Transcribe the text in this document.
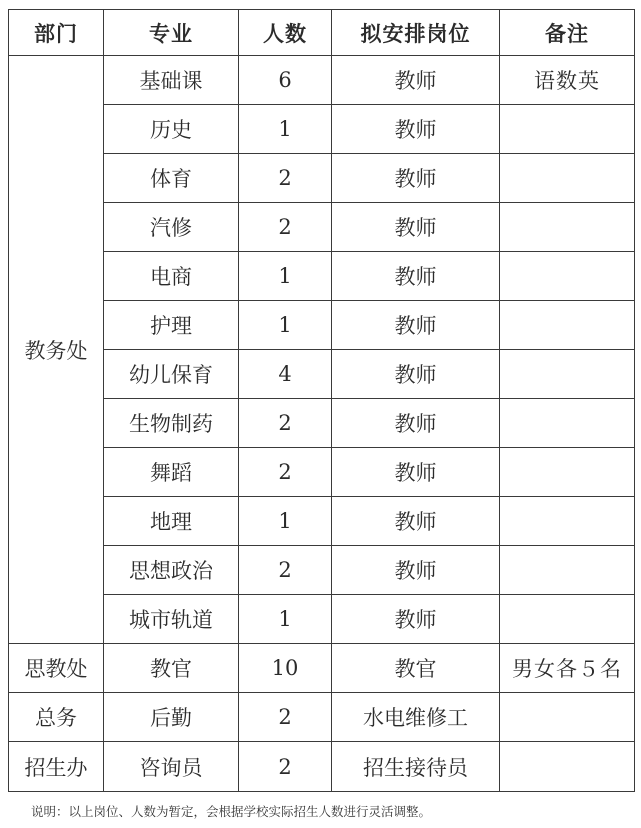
部门	专业	人数	拟安排岗位	备注
教务处	基础课	6	教师	语数英
	历史	1	教师	
	体育	2	教师	
	汽修	2	教师	
	电商	1	教师	
	护理	1	教师	
	幼儿保育	4	教师	
	生物制药	2	教师	
	舞蹈	2	教师	
	地理	1	教师	
	思想政治	2	教师	
	城市轨道	1	教师	
思教处	教官	10	教官	男女各５名
总务	后勤	2	水电维修工	
招生办	咨询员	2	招生接待员	
说明：以上岗位、人数为暂定，会根据学校实际招生人数进行灵活调整。
